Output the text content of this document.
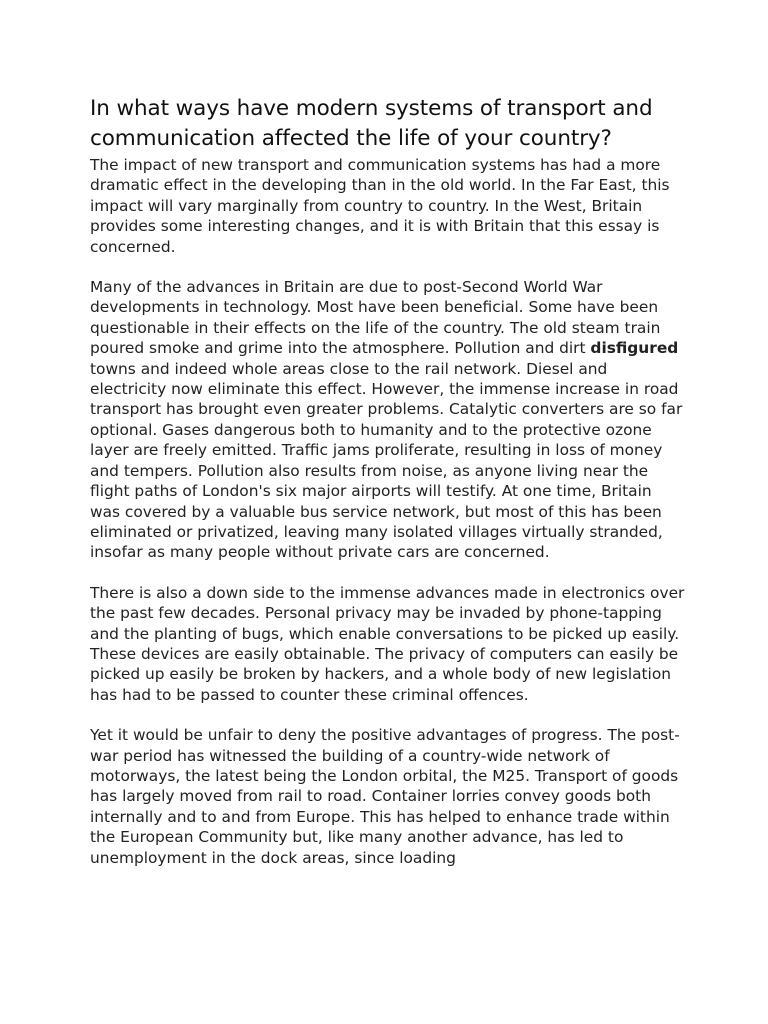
In what ways have modern systems of transport and communication affected the life of your country?

The impact of new transport and communication systems has had a more dramatic effect in the developing than in the old world. In the Far East, this impact will vary marginally from country to country. In the West, Britain provides some interesting changes, and it is with Britain that this essay is concerned.

Many of the advances in Britain are due to post-Second World War developments in technology. Most have been beneficial. Some have been questionable in their effects on the life of the country. The old steam train poured smoke and grime into the atmosphere. Pollution and dirt disfigured towns and indeed whole areas close to the rail network. Diesel and electricity now eliminate this effect. However, the immense increase in road transport has brought even greater problems. Catalytic converters are so far optional. Gases dangerous both to humanity and to the protective ozone layer are freely emitted. Traffic jams proliferate, resulting in loss of money and tempers. Pollution also results from noise, as anyone living near the flight paths of London's six major airports will testify. At one time, Britain was covered by a valuable bus service network, but most of this has been eliminated or privatized, leaving many isolated villages virtually stranded, insofar as many people without private cars are concerned.

There is also a down side to the immense advances made in electronics over the past few decades. Personal privacy may be invaded by phone-tapping and the planting of bugs, which enable conversations to be picked up easily. These devices are easily obtainable. The privacy of computers can easily be picked up easily be broken by hackers, and a whole body of new legislation has had to be passed to counter these criminal offences.

Yet it would be unfair to deny the positive advantages of progress. The post-war period has witnessed the building of a country-wide network of motorways, the latest being the London orbital, the M25. Transport of goods has largely moved from rail to road. Container lorries convey goods both internally and to and from Europe. This has helped to enhance trade within the European Community but, like many another advance, has led to unemployment in the dock areas, since loading
